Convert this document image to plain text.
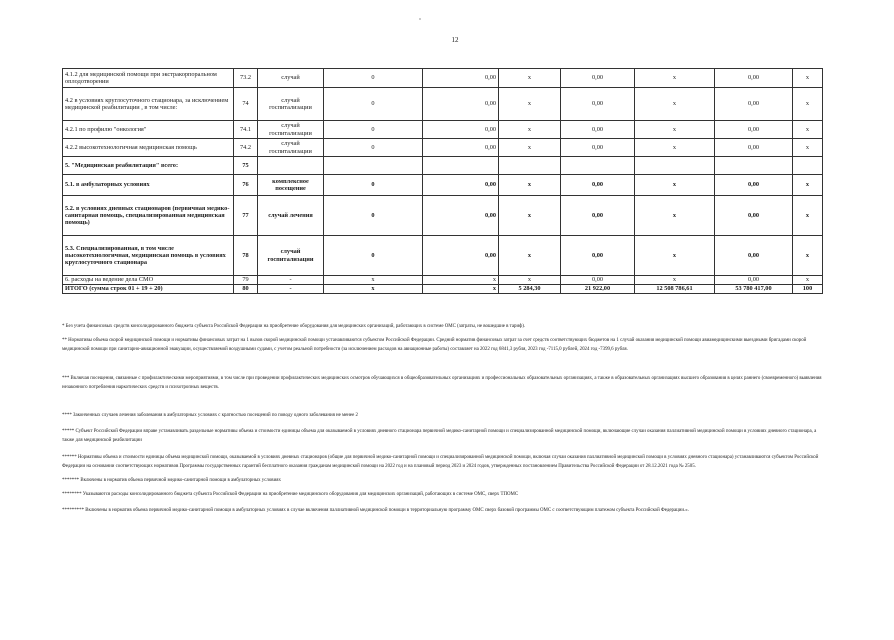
12
4.1.2 для медицинской помощи при экстракорпоральном оплодотворении	73.2	случай	0	0,00	x	0,00	x	0,00	x
4.2 в условиях круглосуточного стационара, за исключением медицинской реабилитации , в том числе:	74	случай госпитализации	0	0,00	x	0,00	x	0,00	x
4.2.1 по профилю "онкология"	74.1	случай госпитализации	0	0,00	x	0,00	x	0,00	x
4.2.2 высокотехнологичная медицинская помощь	74.2	случай госпитализации	0	0,00	x	0,00	x	0,00	x
5. "Медицинская реабилитация" всего:	75								
5.1. в амбулаторных условиях	76	комплексное посещение	0	0,00	x	0,00	x	0,00	x
5.2. в условиях дневных стационаров (первичная медико-санитарная помощь, специализированная медицинская помощь)	77	случай лечения	0	0,00	x	0,00	x	0,00	x
5.3. Специализированная, в том числе высокотехнологичная, медицинская помощь в условиях круглосуточного стационара	78	случай госпитализации	0	0,00	x	0,00	x	0,00	x
6. расходы на ведение дела СМО	79	-	x	x	x	0,00	x	0,00	x
ИТОГО (сумма строк 01 + 19 + 20)	80	-	x	x	5 284,30	21 922,00	12 508 786,61	53 780 417,00	100

* Без учета финансовых средств консолидированного бюджета субъекта Российской Федерации на приобретение оборудования для медицинских организаций, работающих в системе ОМС (затраты, не вошедшие в тариф).

** Нормативы объема скорой медицинской помощи и нормативы финансовых затрат на 1 вызов скорой медицинской помощи устанавливаются субъектом Российской Федерации. Средний норматив финансовых затрат за счет средств соответствующих бюджетов на 1 случай оказания медицинской помощи авиамедицинскими выездными бригадами скорой медицинской помощи при санитарно-авиационной эвакуации, осуществляемой воздушными судами, с учетом реальной потребности (за исключением расходов на авиационные работы) составляет на 2022 год 6841,3 рубля, 2023 год -7115,0 рублей, 2024 год -7399,6 рубля.

*** Включая посещения, связанные с профилактическими мероприятиями, в том числе при проведении профилактических медицинских осмотров обучающихся в общеобразовательных организациях и профессиональных образовательных организациях, а также в образовательных организациях высшего образования в целях раннего (своевременного) выявления незаконного потребления наркотических средств и психотропных веществ.

**** Законченных случаев лечения заболевания в амбулаторных условиях с кратностью посещений по поводу одного заболевания не менее 2

***** Субъект Российской Федерации вправе устанавливать раздельные нормативы объема и стоимости единицы объема для оказываемой в условиях дневного стационара первичной медико-санитарной помощи и специализированной медицинской помощи, включающие случаи оказания паллиативной медицинской помощи в условиях дневного стационара, а также для медицинской реабилитации

****** Нормативы объема и стоимости единицы объема медицинской помощи, оказываемой в условиях дневных стационаров (общие для первичной медико-санитарной помощи и специализированной медицинской помощи, включая случаи оказания паллиативной медицинской помощи в условиях дневного стационара) устанавливаются субъектом Российской Федерации на основании соответствующих нормативов Программы государственных гарантий бесплатного оказания гражданам медицинской помощи на 2022 год и на плановый период 2023 и 2024 годов, утвержденных постановлением Правительства Российской Федерации от 28.12.2021 года № 2505.

******* Включены в норматив объема первичной медико-санитарной помощи в амбулаторных условиях

******** Указываются расходы консолидированного бюджета субъекта Российской Федерации на приобретение медицинского оборудования для медицинских организаций, работающих в системе ОМС, сверх ТПОМС

********* Включены в норматив объема первичной медико-санитарной помощи в амбулаторных условиях в случае включения паллиативной медицинской помощи в территориальную программу ОМС сверх базовой программы ОМС с соответствующим платежом субъекта Российской Федерации.».
